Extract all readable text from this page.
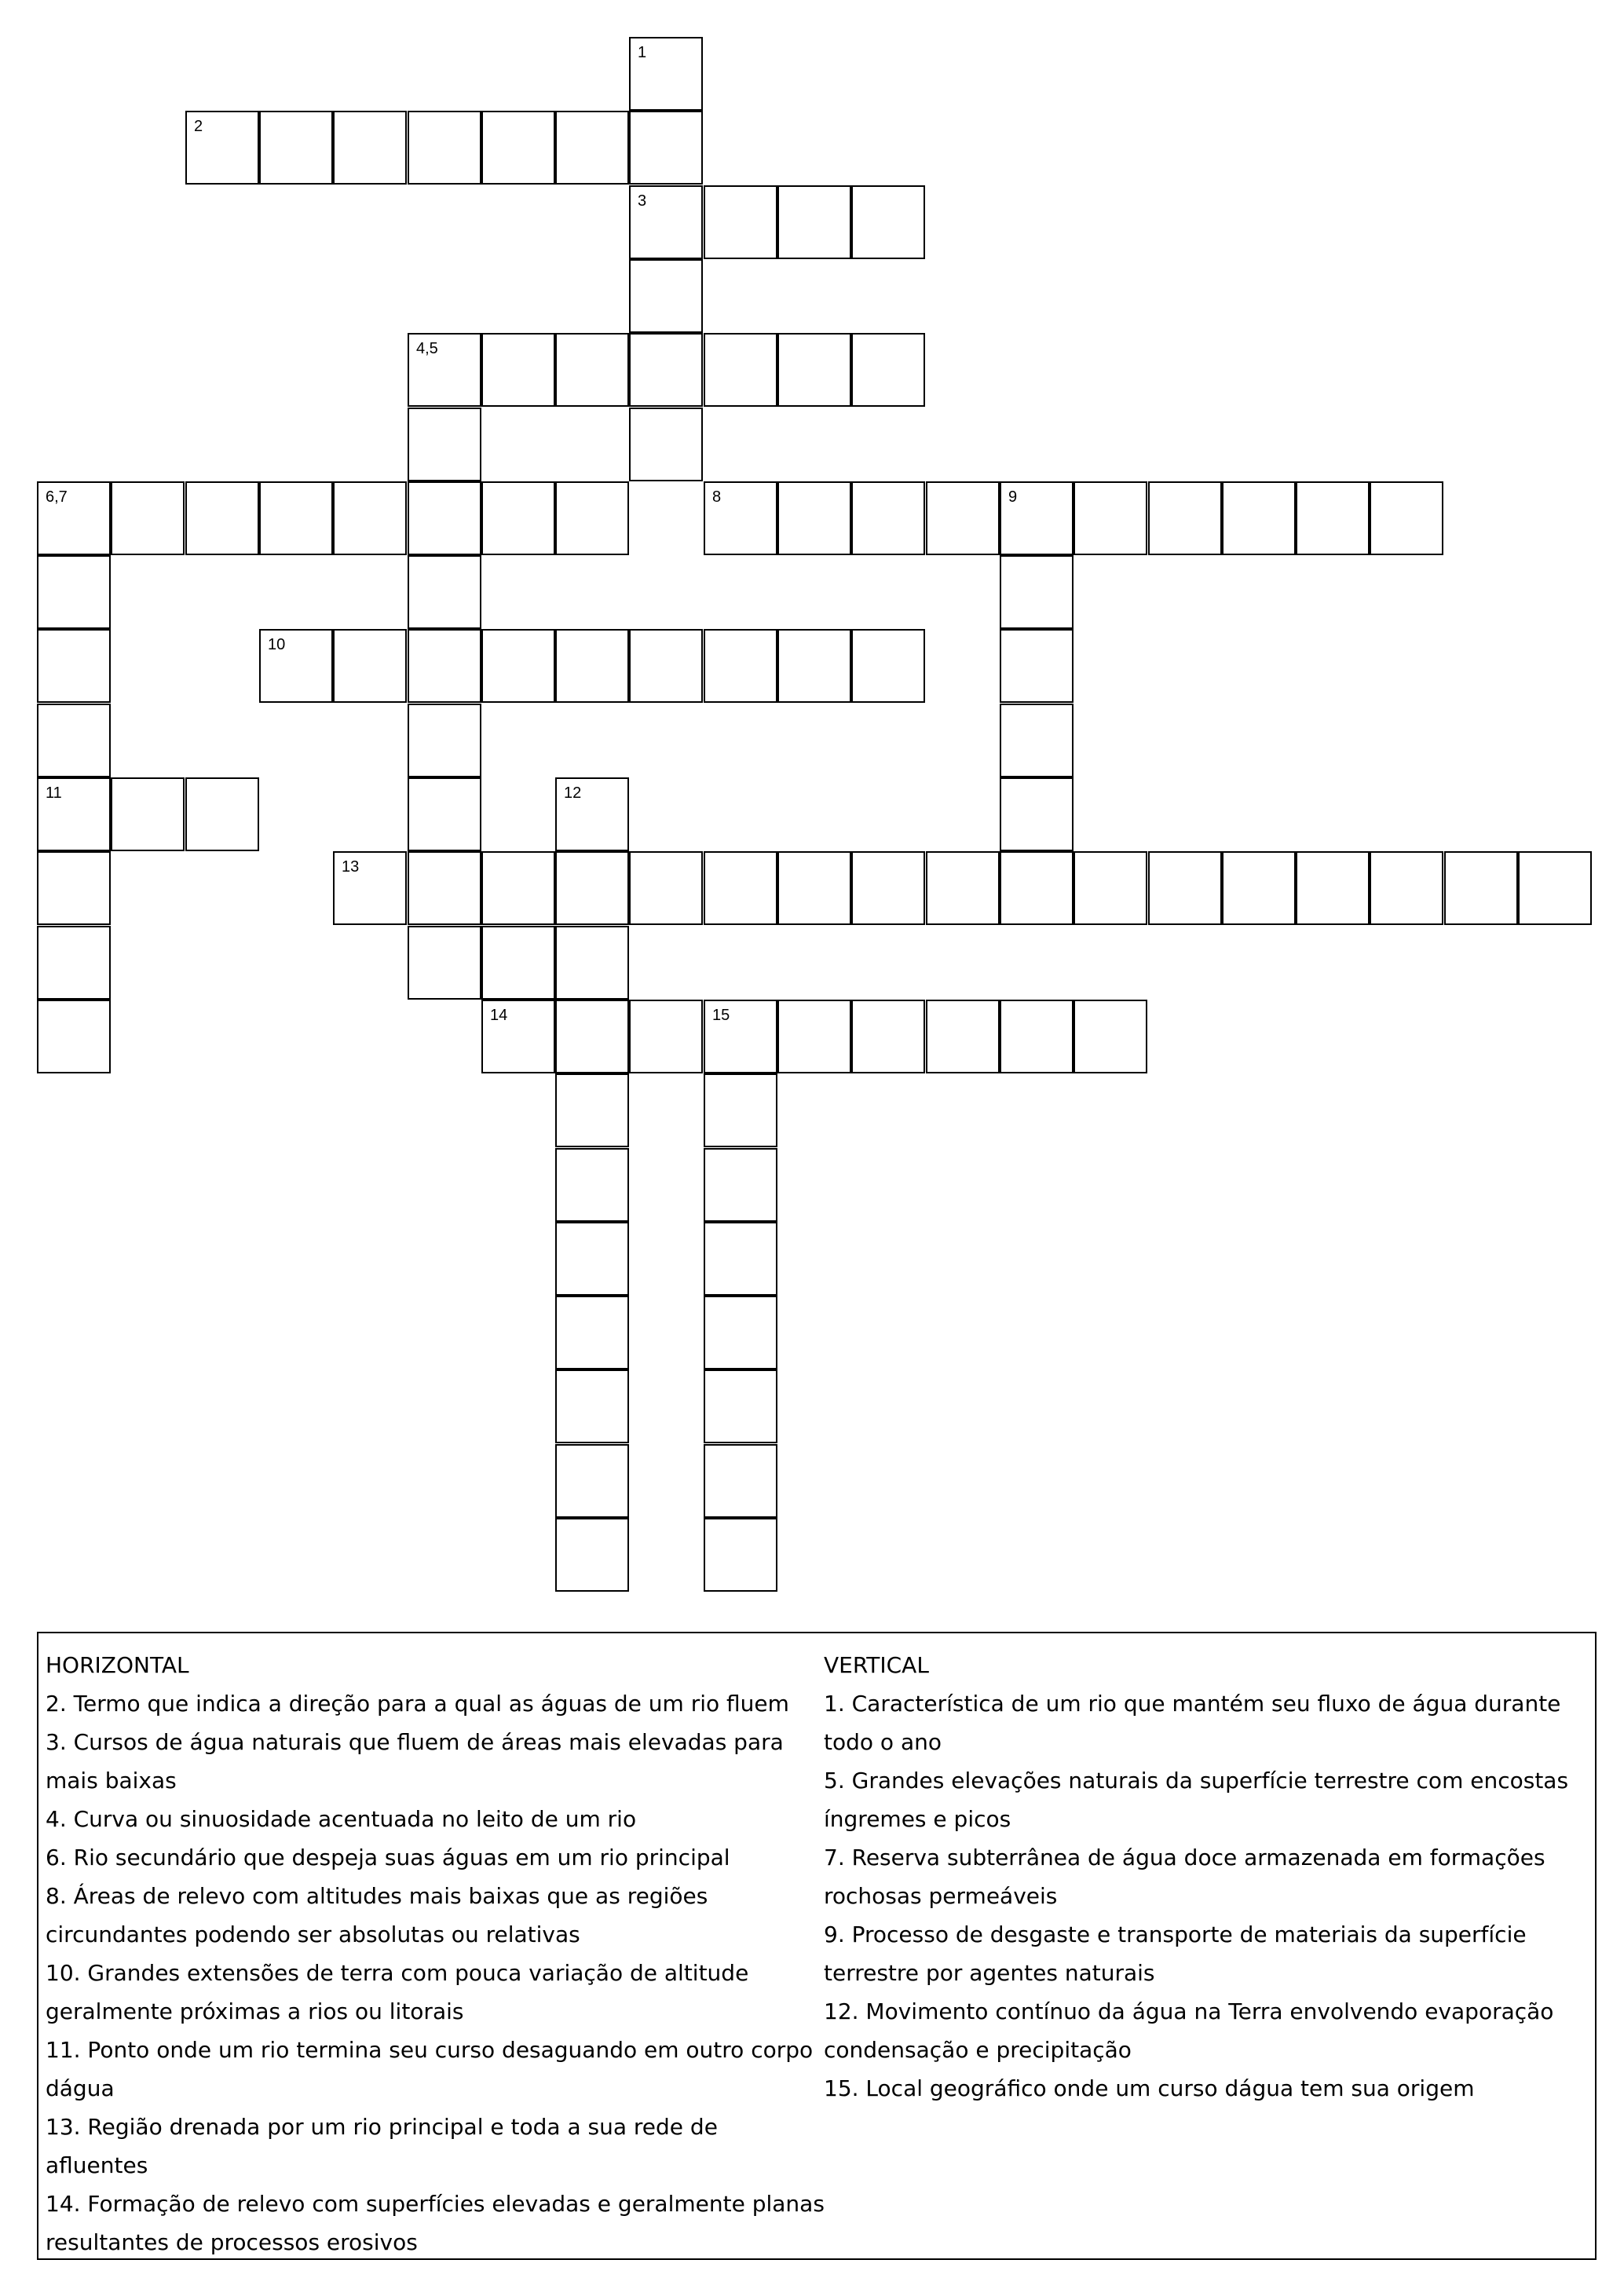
1
3
2
4,5
6,7
11
8	9
10
12
13
14	15
HORIZONTAL
2. Termo que indica a direção para a qual as águas de um rio fluem
3. Cursos de água naturais que fluem de áreas mais elevadas para mais baixas
4. Curva ou sinuosidade acentuada no leito de um rio
6. Rio secundário que despeja suas águas em um rio principal
8. Áreas de relevo com altitudes mais baixas que as regiões circundantes podendo ser absolutas ou relativas
10. Grandes extensões de terra com pouca variação de altitude geralmente próximas a rios ou litorais
11. Ponto onde um rio termina seu curso desaguando em outro corpo dágua
13. Região drenada por um rio principal e toda a sua rede de afluentes
14. Formação de relevo com superfícies elevadas e geralmente planas resultantes de processos erosivos
VERTICAL
1. Característica de um rio que mantém seu fluxo de água durante todo o ano
5. Grandes elevações naturais da superfície terrestre com encostas íngremes e picos
7. Reserva subterrânea de água doce armazenada em formações rochosas permeáveis
9. Processo de desgaste e transporte de materiais da superfície terrestre por agentes naturais
12. Movimento contínuo da água na Terra envolvendo evaporação condensação e precipitação
15. Local geográfico onde um curso dágua tem sua origem
